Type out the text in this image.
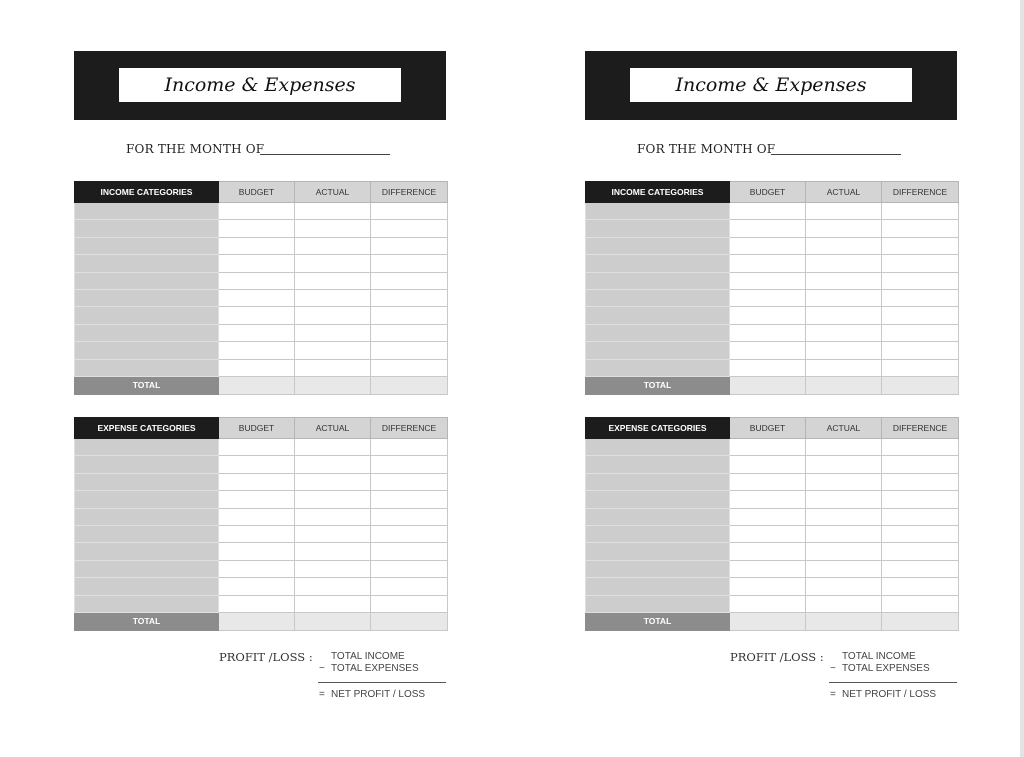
Income & Expenses
FOR THE MONTH OF
INCOME CATEGORIES	BUDGET	ACTUAL	DIFFERENCE

TOTAL			
EXPENSE CATEGORIES	BUDGET	ACTUAL	DIFFERENCE

TOTAL			
PROFIT /LOSS : TOTAL INCOME
− TOTAL EXPENSES
= NET PROFIT / LOSS
Income & Expenses
FOR THE MONTH OF
INCOME CATEGORIES	BUDGET	ACTUAL	DIFFERENCE

TOTAL			
EXPENSE CATEGORIES	BUDGET	ACTUAL	DIFFERENCE

TOTAL			
PROFIT /LOSS : TOTAL INCOME
− TOTAL EXPENSES
= NET PROFIT / LOSS
